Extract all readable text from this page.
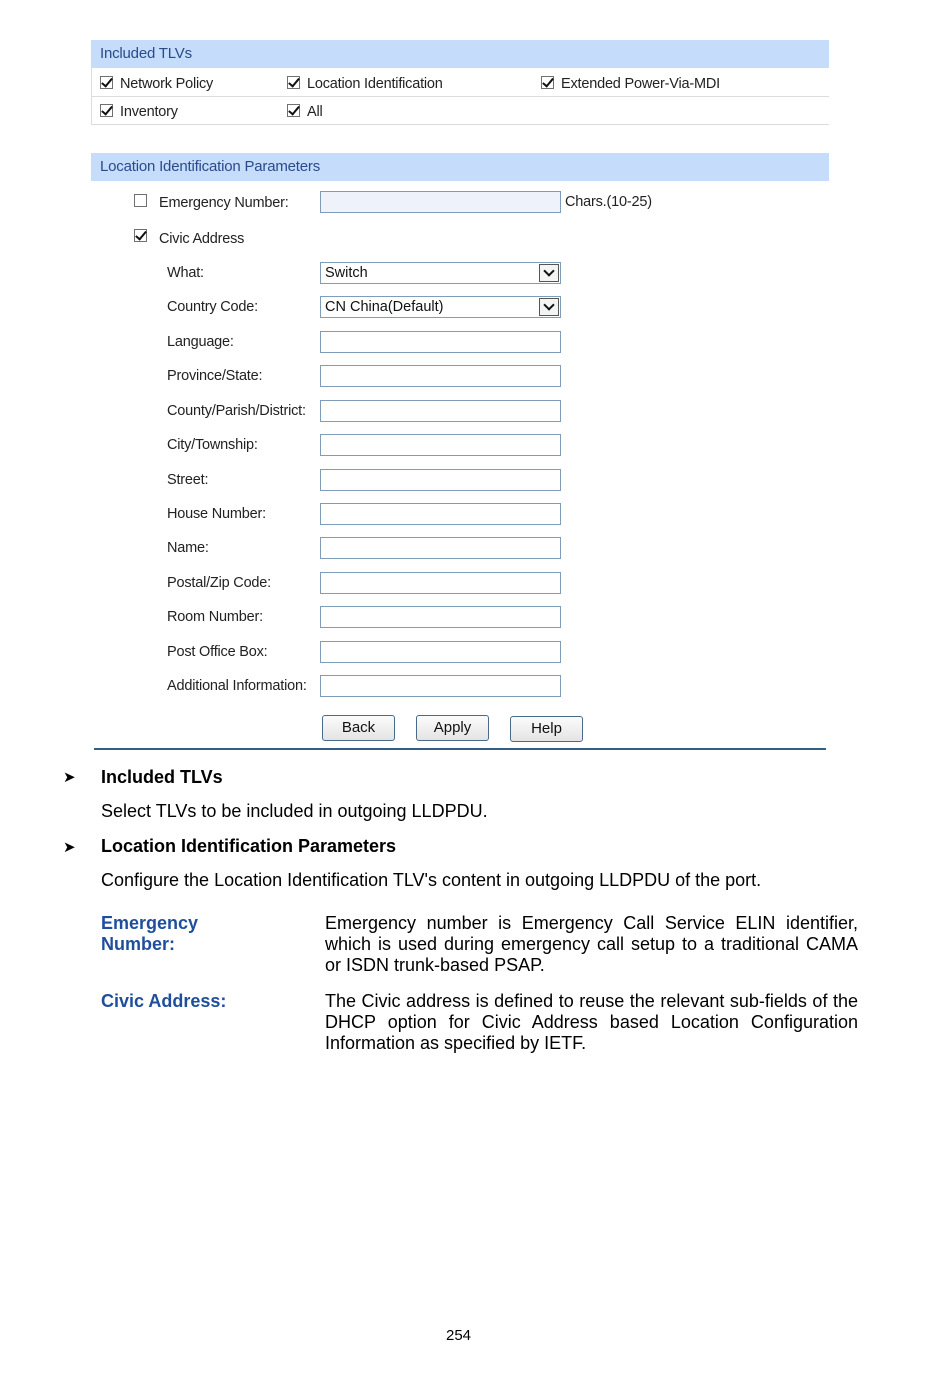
Included TLVs
Network Policy	Location Identification	Extended Power-Via-MDI
Inventory	All
Location Identification Parameters
Emergency Number:	Chars.(10-25)
Civic Address
What:	Switch
Country Code:	CN China(Default)
Language:
Province/State:
County/Parish/District:
City/Township:
Street:
House Number:
Name:
Postal/Zip Code:
Room Number:
Post Office Box:
Additional Information:
Back	Apply	Help
➤ Included TLVs
Select TLVs to be included in outgoing LLDPDU.
➤ Location Identification Parameters
Configure the Location Identification TLV's content in outgoing LLDPDU of the port.
Emergency Number:
Emergency number is Emergency Call Service ELIN identifier, which is used during emergency call setup to a traditional CAMA or ISDN trunk-based PSAP.
Civic Address:	The Civic address is defined to reuse the relevant sub-fields of the DHCP option for Civic Address based Location Configuration Information as specified by IETF.
254
